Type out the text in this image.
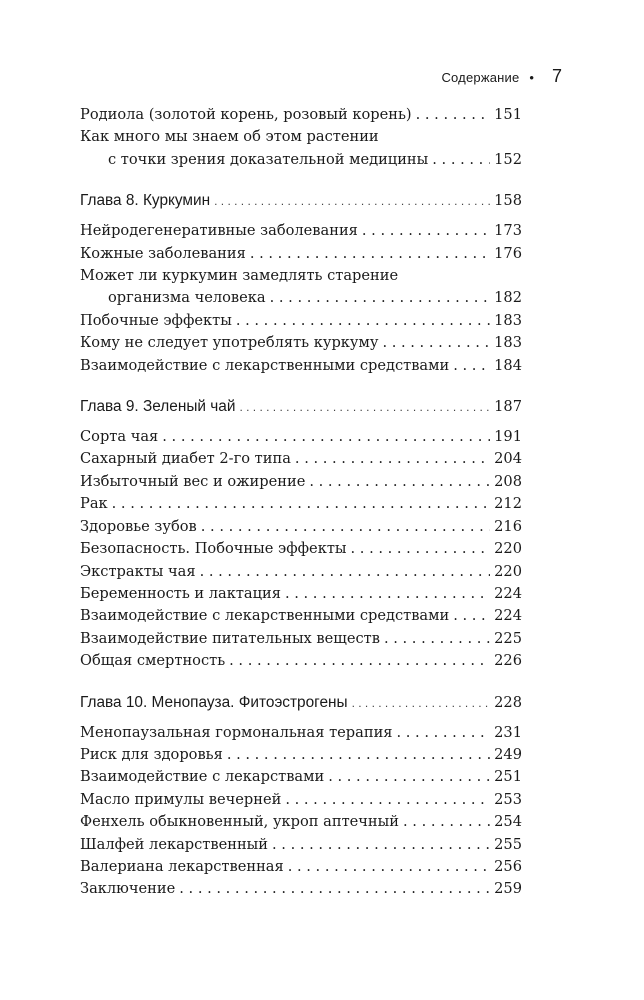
Содержание • 7
Родиола (золотой корень, розовый корень) . . .	151
Как много мы знаем об этом растении
с точки зрения доказательной медицины . . .	152
Глава 8. Куркумин . . .	158
Нейродегенеративные заболевания . . .	173
Кожные заболевания . . .	176
Может ли куркумин замедлять старение
организма человека . . .	182
Побочные эффекты . . .	183
Кому не следует употреблять куркуму . . .	183
Взаимодействие с лекарственными средствами . . .	184
Глава 9. Зеленый чай . . .	187
Сорта чая . . .	191
Сахарный диабет 2-го типа . . .	204
Избыточный вес и ожирение . . .	208
Рак . . .	212
Здоровье зубов . . .	216
Безопасность. Побочные эффекты . . .	220
Экстракты чая . . .	220
Беременность и лактация . . .	224
Взаимодействие с лекарственными средствами . . .	224
Взаимодействие питательных веществ . . .	225
Общая смертность . . .	226
Глава 10. Менопауза. Фитоэстрогены . . .	228
Менопаузальная гормональная терапия . . .	231
Риск для здоровья . . .	249
Взаимодействие с лекарствами . . .	251
Масло примулы вечерней . . .	253
Фенхель обыкновенный, укроп аптечный . . .	254
Шалфей лекарственный . . .	255
Валериана лекарственная . . .	256
Заключение . . .	259
